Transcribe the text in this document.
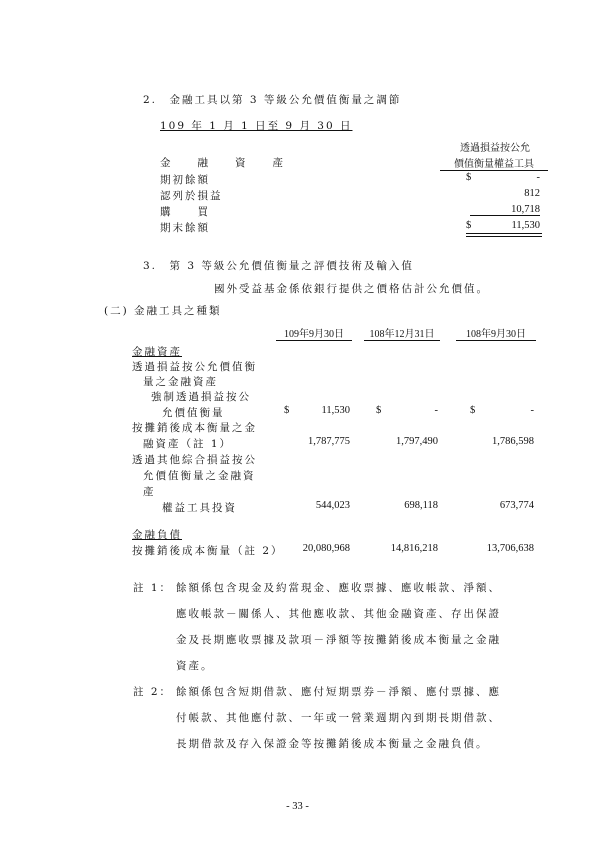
2.　金融工具以第 3 等級公允價值衡量之調節
109 年 1 月 1 日至 9 月 30 日
透過損益按公允
價值衡量權益工具
金　　融　　資　　產
期初餘額	$	-
認列於損益	812
購　　買	10,718
期末餘額	$	11,530
3.　第 3 等級公允價值衡量之評價技術及輸入值
國外受益基金係依銀行提供之價格估計公允價值。
(二) 金融工具之種類
109年9月30日	108年12月31日	108年9月30日
金融資產
透過損益按公允價值衡
量之金融資產
強制透過損益按公
允價值衡量	$	11,530 $	-	$	-
按攤銷後成本衡量之金
融資產（註 1）	1,787,775	1,797,490	1,786,598
透過其他綜合損益按公
允價值衡量之金融資
產
權益工具投資	544,023	698,118	673,774
金融負債
按攤銷後成本衡量（註 2）	20,080,968	14,816,218	13,706,638
註 1： 餘額係包含現金及約當現金、應收票據、應收帳款、淨額、
應收帳款－關係人、其他應收款、其他金融資產、存出保證
金及長期應收票據及款項－淨額等按攤銷後成本衡量之金融
資產。
註 2： 餘額係包含短期借款、應付短期票券－淨額、應付票據、應
付帳款、其他應付款、一年或一營業週期內到期長期借款、
長期借款及存入保證金等按攤銷後成本衡量之金融負債。
- 33 -
